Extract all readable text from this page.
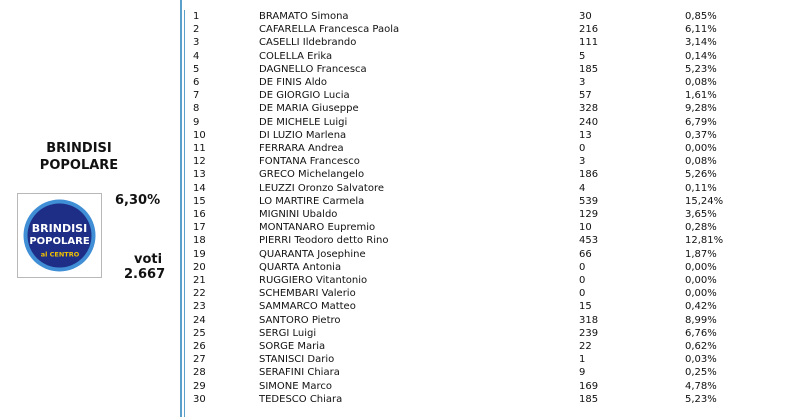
BRINDISI
POPOLARE
BRINDISI
POPOLARE
al CENTRO
6,30%
voti
2.667
1	BRAMATO Simona	30	0,85%
2	CAFARELLA Francesca Paola	216	6,11%
3	CASELLI Ildebrando	111	3,14%
4	COLELLA Erika	5	0,14%
5	DAGNELLO Francesca	185	5,23%
6	DE FINIS Aldo	3	0,08%
7	DE GIORGIO Lucia	57	1,61%
8	DE MARIA Giuseppe	328	9,28%
9	DE MICHELE Luigi	240	6,79%
10	DI LUZIO Marlena	13	0,37%
11	FERRARA Andrea	0	0,00%
12	FONTANA Francesco	3	0,08%
13	GRECO Michelangelo	186	5,26%
14	LEUZZI Oronzo Salvatore	4	0,11%
15	LO MARTIRE Carmela	539	15,24%
16	MIGNINI Ubaldo	129	3,65%
17	MONTANARO Eupremio	10	0,28%
18	PIERRI Teodoro detto Rino	453	12,81%
19	QUARANTA Josephine	66	1,87%
20	QUARTA Antonia	0	0,00%
21	RUGGIERO Vitantonio	0	0,00%
22	SCHEMBARI Valerio	0	0,00%
23	SAMMARCO Matteo	15	0,42%
24	SANTORO Pietro	318	8,99%
25	SERGI Luigi	239	6,76%
26	SORGE Maria	22	0,62%
27	STANISCI Dario	1	0,03%
28	SERAFINI Chiara	9	0,25%
29	SIMONE Marco	169	4,78%
30	TEDESCO Chiara	185	5,23%
